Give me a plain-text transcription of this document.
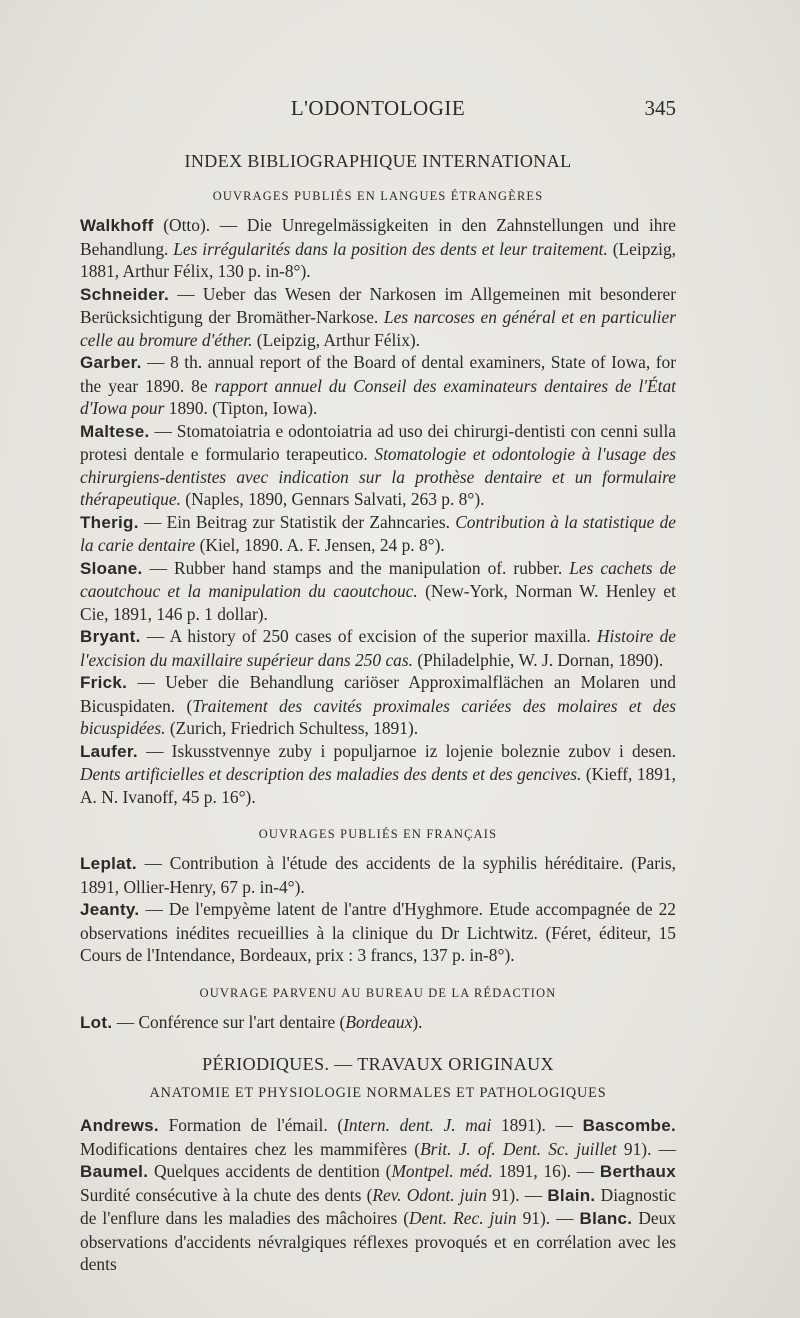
L'ODONTOLOGIE	345
INDEX BIBLIOGRAPHIQUE INTERNATIONAL
OUVRAGES PUBLIÉS EN LANGUES ÉTRANGÈRES

Walkhoff (Otto). — Die Unregelmässigkeiten in den Zahnstellungen und ihre Behandlung. Les irrégularités dans la position des dents et leur traitement. (Leipzig, 1881, Arthur Félix, 130 p. in-8°).

Schneider. — Ueber das Wesen der Narkosen im Allgemeinen mit besonderer Berücksichtigung der Bromäther-Narkose. Les narcoses en général et en particulier celle au bromure d'éther. (Leipzig, Arthur Félix).

Garber. — 8 th. annual report of the Board of dental examiners, State of Iowa, for the year 1890. 8e rapport annuel du Conseil des examinateurs dentaires de l'État d'Iowa pour 1890. (Tipton, Iowa).

Maltese. — Stomatoiatria e odontoiatria ad uso dei chirurgi-dentisti con cenni sulla protesi dentale e formulario terapeutico. Stomatologie et odontologie à l'usage des chirurgiens-dentistes avec indication sur la prothèse dentaire et un formulaire thérapeutique. (Naples, 1890, Gennars Salvati, 263 p. 8°).

Therig. — Ein Beitrag zur Statistik der Zahncaries. Contribution à la statistique de la carie dentaire (Kiel, 1890. A. F. Jensen, 24 p. 8°).

Sloane. — Rubber hand stamps and the manipulation of. rubber. Les cachets de caoutchouc et la manipulation du caoutchouc. (New-York, Norman W. Henley et Cie, 1891, 146 p. 1 dollar).

Bryant. — A history of 250 cases of excision of the superior maxilla. Histoire de l'excision du maxillaire supérieur dans 250 cas. (Philadelphie, W. J. Dornan, 1890).

Frick. — Ueber die Behandlung cariöser Approximalflächen an Molaren und Bicuspidaten. (Traitement des cavités proximales cariées des molaires et des bicuspidées. (Zurich, Friedrich Schultess, 1891).

Laufer. — Iskusstvennye zuby i populjarnoe iz lojenie boleznie zubov i desen. Dents artificielles et description des maladies des dents et des gencives. (Kieff, 1891, A. N. Ivanoff, 45 p. 16°).

OUVRAGES PUBLIÉS EN FRANÇAIS

Leplat. — Contribution à l'étude des accidents de la syphilis héréditaire. (Paris, 1891, Ollier-Henry, 67 p. in-4°).

Jeanty. — De l'empyème latent de l'antre d'Hyghmore. Etude accompagnée de 22 observations inédites recueillies à la clinique du Dr Lichtwitz. (Féret, éditeur, 15 Cours de l'Intendance, Bordeaux, prix : 3 francs, 137 p. in-8°).

OUVRAGE PARVENU AU BUREAU DE LA RÉDACTION

Lot. — Conférence sur l'art dentaire (Bordeaux).

PÉRIODIQUES. — TRAVAUX ORIGINAUX
ANATOMIE ET PHYSIOLOGIE NORMALES ET PATHOLOGIQUES

Andrews. Formation de l'émail. (Intern. dent. J. mai 1891). — Bascombe. Modifications dentaires chez les mammifères (Brit. J. of. Dent. Sc. juillet 91). — Baumel. Quelques accidents de dentition (Montpel. méd. 1891, 16). — Berthaux Surdité consécutive à la chute des dents (Rev. Odont. juin 91). — Blain. Diagnostic de l'enflure dans les maladies des mâchoires (Dent. Rec. juin 91). — Blanc. Deux observations d'accidents névralgiques réflexes provoqués et en corrélation avec les dents
